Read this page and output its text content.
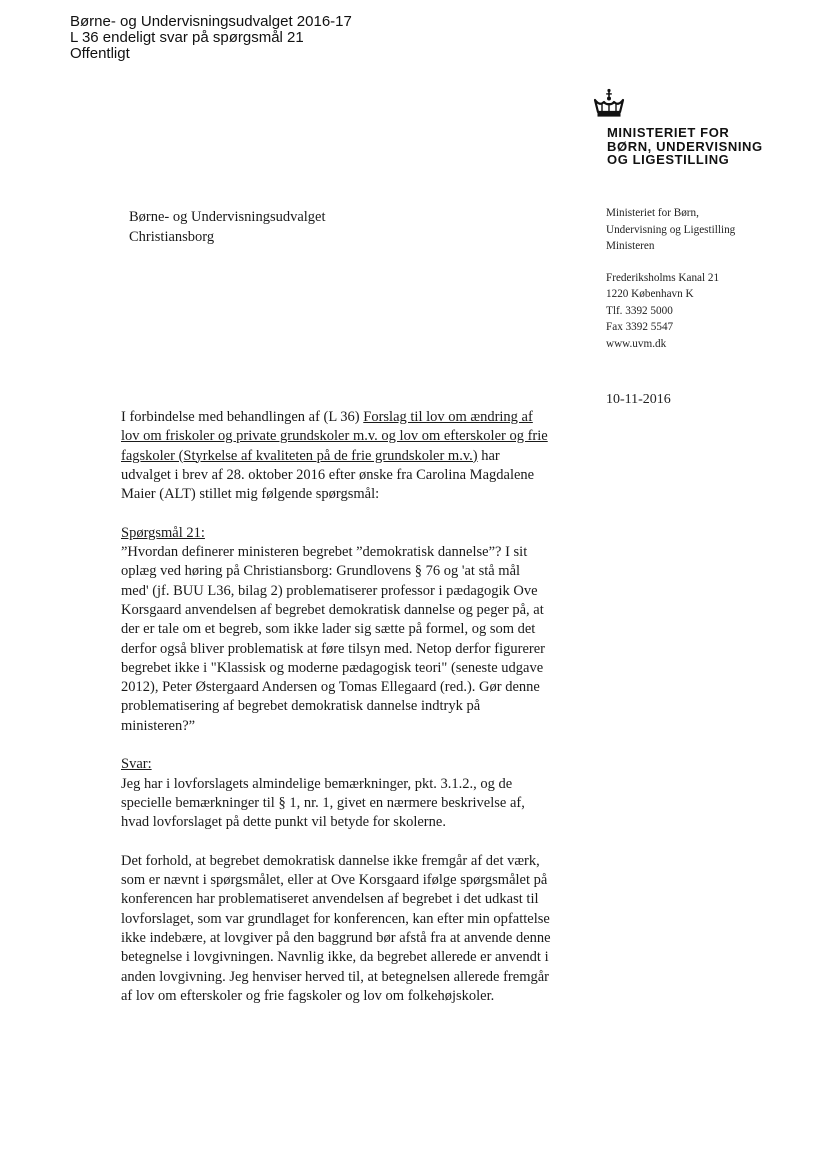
Børne- og Undervisningsudvalget 2016-17
L 36 endeligt svar på spørgsmål 21
Offentligt
MINISTERIET FOR
BØRN, UNDERVISNING
OG LIGESTILLING
Børne- og Undervisningsudvalget
Christiansborg
Ministeriet for Børn,
Undervisning og Ligestilling
Ministeren
Frederiksholms Kanal 21
1220 København K
Tlf. 3392 5000
Fax 3392 5547
www.uvm.dk
10-11-2016

I forbindelse med behandlingen af (L 36) Forslag til lov om ændring af lov om friskoler og private grundskoler m.v. og lov om efterskoler og frie fagskoler (Styrkelse af kvaliteten på de frie grundskoler m.v.) har udvalget i brev af 28. oktober 2016 efter ønske fra Carolina Magdalene Maier (ALT) stillet mig følgende spørgsmål:

Spørgsmål 21:
”Hvordan definerer ministeren begrebet ”demokratisk dannelse”? I sit oplæg ved høring på Christiansborg: Grundlovens § 76 og 'at stå mål med' (jf. BUU L36, bilag 2) problematiserer professor i pædagogik Ove Korsgaard anvendelsen af begrebet demokratisk dannelse og peger på, at der er tale om et begreb, som ikke lader sig sætte på formel, og som det derfor også bliver problematisk at føre tilsyn med. Netop derfor figurerer begrebet ikke i "Klassisk og moderne pædagogisk teori" (seneste udgave 2012), Peter Østergaard Andersen og Tomas Ellegaard (red.). Gør denne problematisering af begrebet demokratisk dannelse indtryk på ministeren?”

Svar:
Jeg har i lovforslagets almindelige bemærkninger, pkt. 3.1.2., og de specielle bemærkninger til § 1, nr. 1, givet en nærmere beskrivelse af, hvad lovforslaget på dette punkt vil betyde for skolerne.

Det forhold, at begrebet demokratisk dannelse ikke fremgår af det værk, som er nævnt i spørgsmålet, eller at Ove Korsgaard ifølge spørgsmålet på konferencen har problematiseret anvendelsen af begrebet i det udkast til lovforslaget, som var grundlaget for konferencen, kan efter min opfattelse ikke indebære, at lovgiver på den baggrund bør afstå fra at anvende denne betegnelse i lovgivningen. Navnlig ikke, da begrebet allerede er anvendt i anden lovgivning. Jeg henviser herved til, at betegnelsen allerede fremgår af lov om efterskoler og frie fagskoler og lov om folkehøjskoler.
